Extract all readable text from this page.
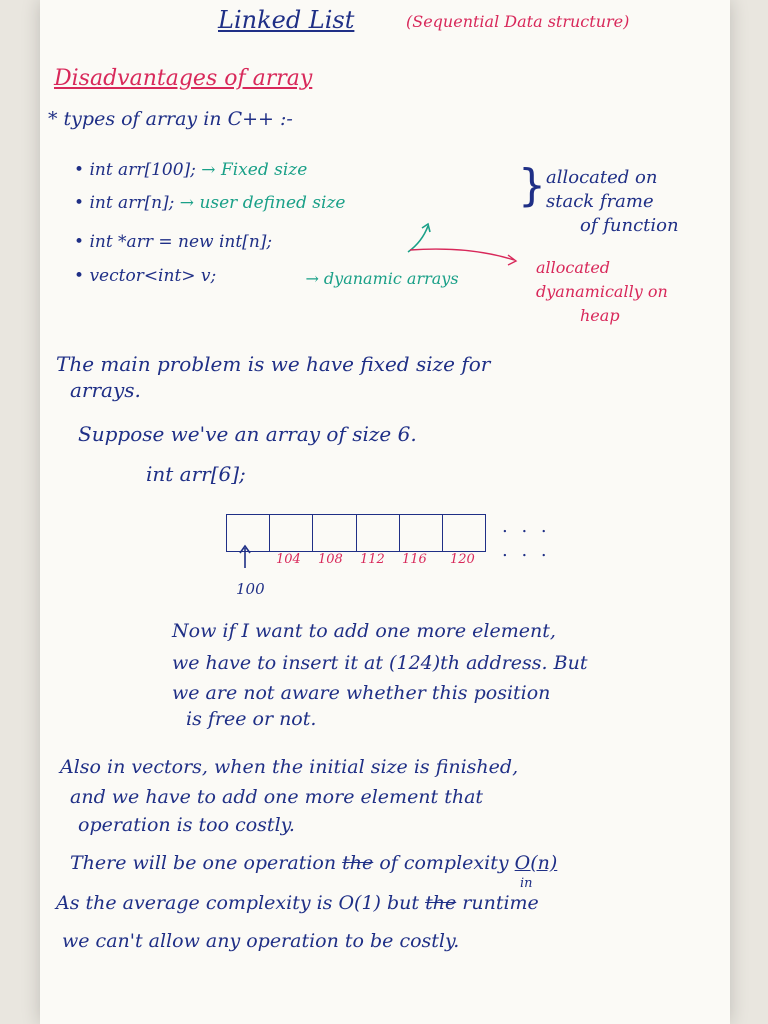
Linked List	(Sequential Data structure)
Disadvantages of array
* types of array in C++ :-
• int arr[100]; → Fixed size
• int arr[n]; → user defined size
• int *arr = new int[n];
• vector<int> v;	→ dyanamic arrays
} allocated on
stack frame
of function
allocated
dyanamically on
heap
The main problem is we have fixed size for
arrays.
Suppose we've an array of size 6.
int arr[6];
. . .
. . .
104 108 112 116 120
100
Now if I want to add one more element,
we have to insert it at (124)th address. But
we are not aware whether this position
is free or not.
Also in vectors, when the initial size is finished,
and we have to add one more element that
operation is too costly.
There will be one operation the of complexity O(n)
in
As the average complexity is O(1) but the runtime
we can't allow any operation to be costly.
